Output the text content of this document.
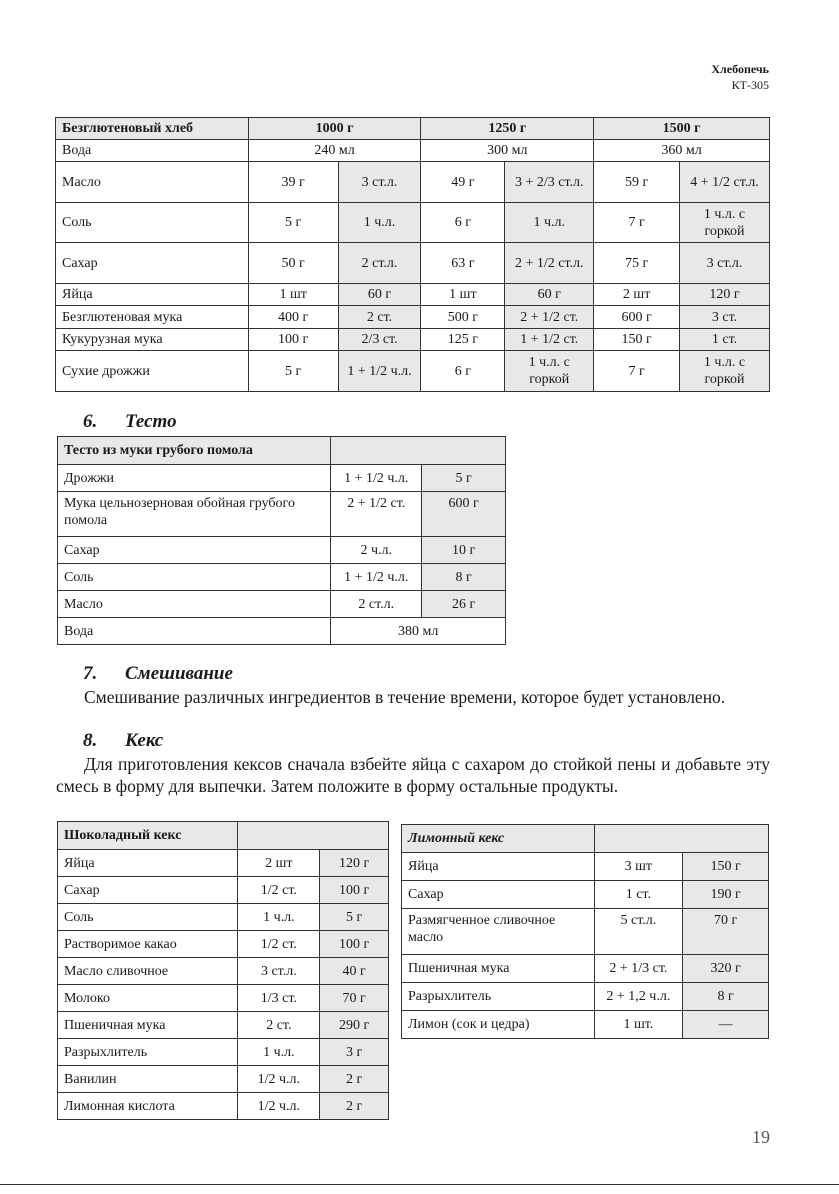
Хлебопечь
КТ-305
Безглютеновый хлеб	1000 г		1250 г		1500 г	
Вода	240 мл		300 мл		360 мл	
Масло	39 г	3 ст.л.	49 г	3 + 2/3 ст.л.	59 г	4 + 1/2 ст.л.
Соль	5 г	1 ч.л.	6 г	1 ч.л.	7 г	1 ч.л. с горкой
Сахар	50 г	2 ст.л.	63 г	2 + 1/2 ст.л.	75 г	3 ст.л.
Яйца	1 шт	60 г	1 шт	60 г	2 шт	120 г
Безглютеновая мука	400 г	2 ст.	500 г	2 + 1/2 ст.	600 г	3 ст.
Кукурузная мука	100 г	2/3 ст.	125 г	1 + 1/2 ст.	150 г	1 ст.
Сухие дрожжи	5 г	1 + 1/2 ч.л.	6 г	1 ч.л. с горкой	7 г	1 ч.л. с горкой
6. Тесто
Тесто из муки грубого помола		
Дрожжи	1 + 1/2 ч.л.	5 г
Мука цельнозерновая обойная грубого помола	2 + 1/2 ст.	600 г
Сахар	2 ч.л.	10 г
Соль	1 + 1/2 ч.л.	8 г
Масло	2 ст.л.	26 г
Вода	380 мл	
7. Смешивание
Смешивание различных ингредиентов в течение времени, которое будет установлено.
8. Кекс
Для приготовления кексов сначала взбейте яйца с сахаром до стойкой пены и добавьте эту смесь в форму для выпечки. Затем положите в форму остальные продукты.
Шоколадный кекс		
Яйца	2 шт	120 г
Сахар	1/2 ст.	100 г
Соль	1 ч.л.	5 г
Растворимое какао	1/2 ст.	100 г
Масло сливочное	3 ст.л.	40 г
Молоко	1/3 ст.	70 г
Пшеничная мука	2 ст.	290 г
Разрыхлитель	1 ч.л.	3 г
Ванилин	1/2 ч.л.	2 г
Лимонная кислота	1/2 ч.л.	2 г
Лимонный кекс		
Яйца	3 шт	150 г
Сахар	1 ст.	190 г
Размягченное сливочное масло	5 ст.л.	70 г
Пшеничная мука	2 + 1/3 ст.	320 г
Разрыхлитель	2 + 1,2 ч.л.	8 г
Лимон (сок и цедра)	1 шт.	—
19
